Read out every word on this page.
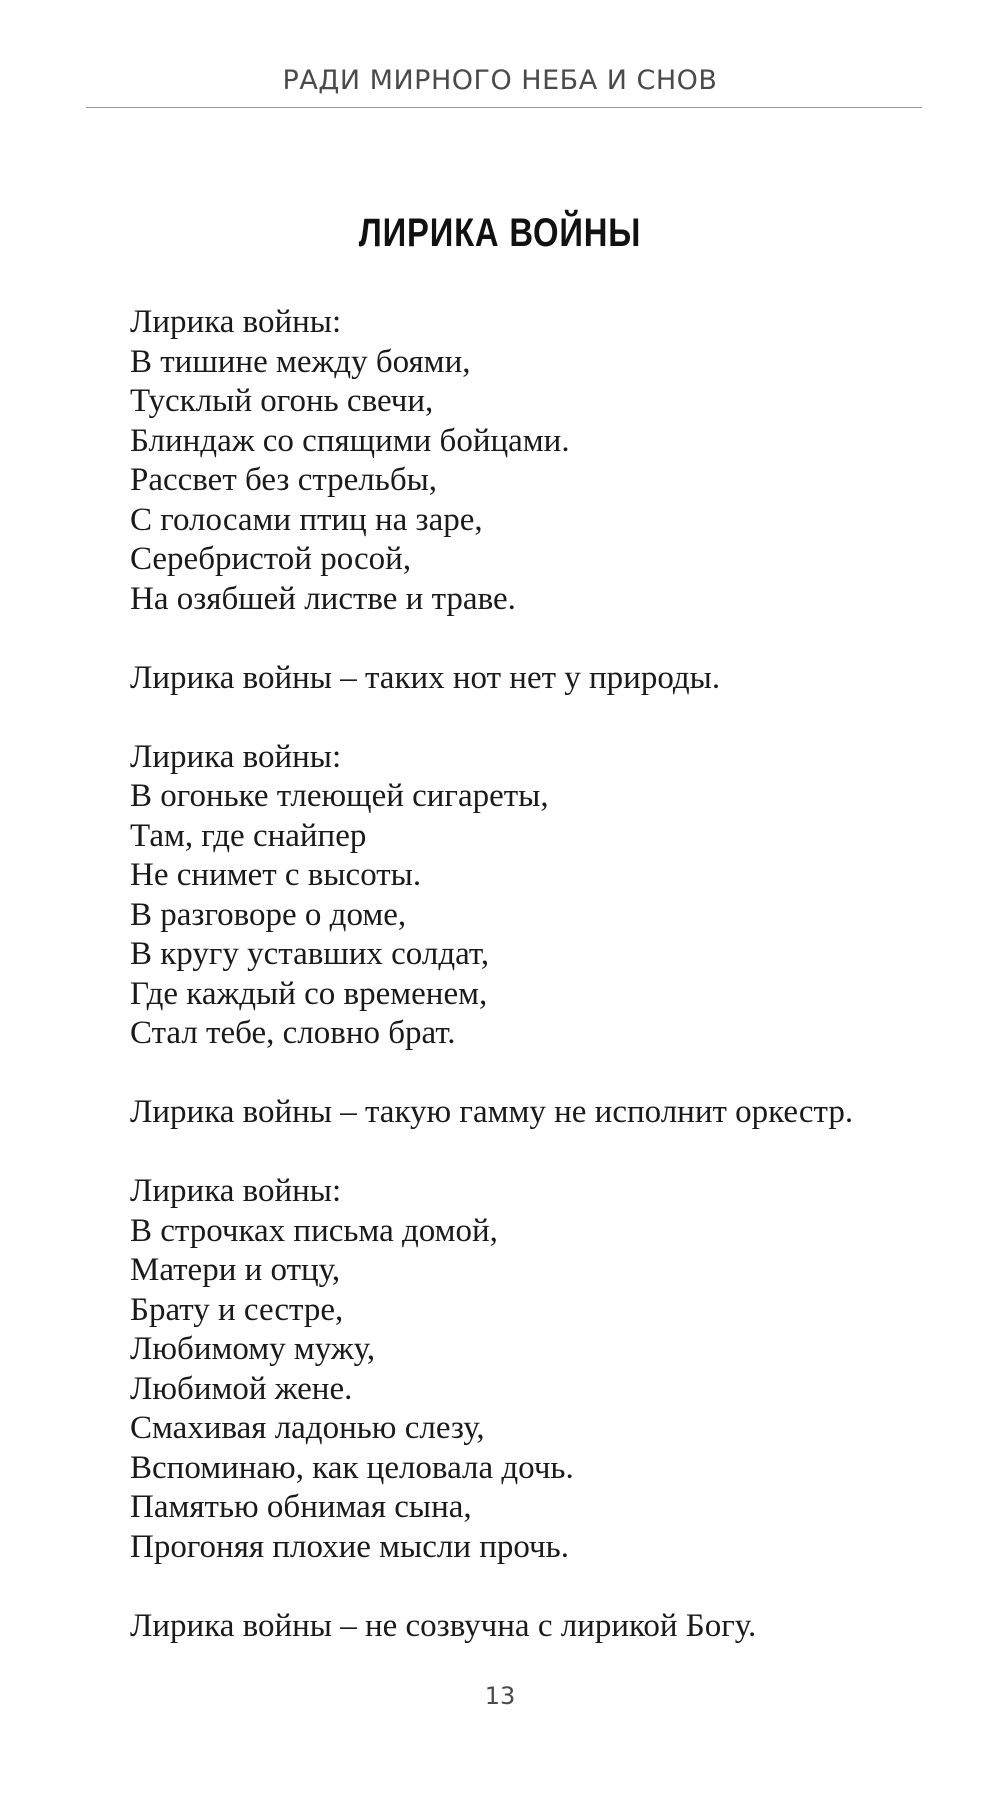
РАДИ МИРНОГО НЕБА И СНОВ
ЛИРИКА ВОЙНЫ
Лирика войны:
В тишине между боями,
Тусклый огонь свечи,
Блиндаж со спящими бойцами.
Рассвет без стрельбы,
С голосами птиц на заре,
Серебристой росой,
На озябшей листве и траве.
Лирика войны – таких нот нет у природы.
Лирика войны:
В огоньке тлеющей сигареты,
Там, где снайпер
Не снимет с высоты.
В разговоре о доме,
В кругу уставших солдат,
Где каждый со временем,
Стал тебе, словно брат.
Лирика войны – такую гамму не исполнит оркестр.
Лирика войны:
В строчках письма домой,
Матери и отцу,
Брату и сестре,
Любимому мужу,
Любимой жене.
Смахивая ладонью слезу,
Вспоминаю, как целовала дочь.
Памятью обнимая сына,
Прогоняя плохие мысли прочь.
Лирика войны – не созвучна с лирикой Богу.
13
